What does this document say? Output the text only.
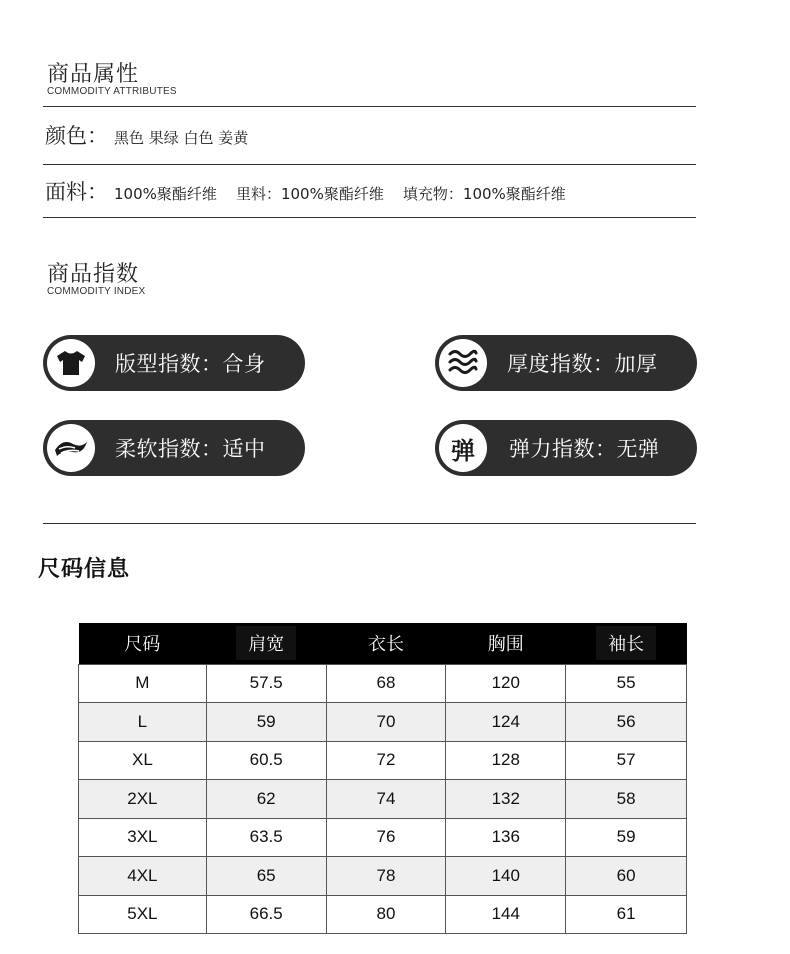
商品属性
COMMODITY ATTRIBUTES
颜色： 黑色 果绿 白色 姜黄
面料： 100%聚酯纤维    里料：100%聚酯纤维    填充物：100%聚酯纤维
商品指数
COMMODITY INDEX
版型指数：合身	厚度指数：加厚
柔软指数：适中	弹 弹力指数：无弹
尺码信息
尺码	肩宽	衣长	胸围	袖长
M	57.5	68	120	55
L	59	70	124	56
XL	60.5	72	128	57
2XL	62	74	132	58
3XL	63.5	76	136	59
4XL	65	78	140	60
5XL	66.5	80	144	61
